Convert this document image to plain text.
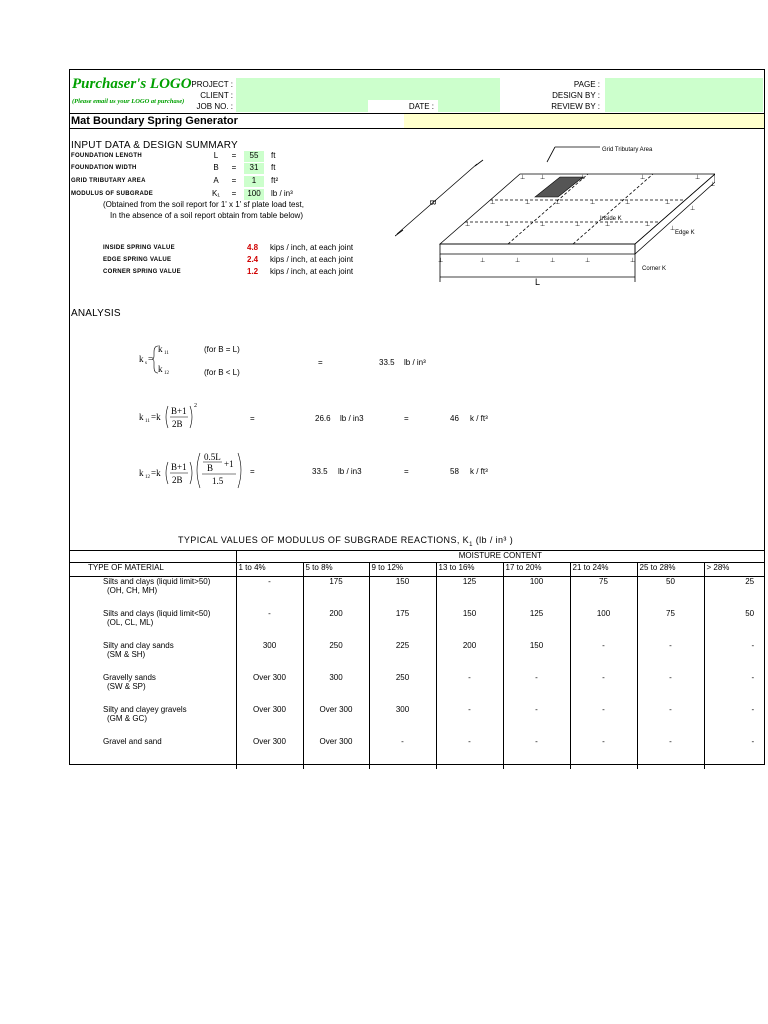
Purchaser's LOGO
(Please email us your LOGO at purchase)
PROJECT :
CLIENT :
JOB NO. :	DATE :
PAGE :
DESIGN BY :
REVIEW BY :
Mat Boundary Spring Generator
INPUT DATA & DESIGN SUMMARY
FOUNDATION LENGTH	L	=	55	ft
FOUNDATION WIDTH	B	=	31	ft
GRID TRIBUTARY AREA	A	=	1	ft²
MODULUS OF SUBGRADE	K₁	=	100 lb / in³
(Obtained from the soil report for 1' x 1' sf plate load test,
In the absence of a soil report obtain from table below)
INSIDE SPRING VALUE	4.8 kips / inch, at each joint
EDGE SPRING VALUE	2.4 kips / inch, at each joint
CORNER SPRING VALUE	1.2 kips / inch, at each joint
⊥ ⊥	⊥	⊥	⊥
⊥	⊥	⊥	⊥	⊥	⊥
⊥	⊥	⊥	⊥	⊥	⊥
⊥	⊥	⊥	⊥	⊥	⊥
⊥
⊥
⊥
Grid Tributary Area
Inside K
Edge K
Corner K
B
L
ANALYSIS
k s =
k 11
k 12
(for B = L)
(for B < L)
=	33.5 lb / in³
k 11 =k
B+1
2B
2
=	26.6 lb / in3	=	46 k / ft³
k 12 =k
B+1
2B
0.5L
B +1
1.5
=	33.5 lb / in3	=	58 k / ft³
TYPICAL VALUES OF MODULUS OF SUBGRADE REACTIONS, $K_1$ (lb / in³ )
	MOISTURE CONTENT							
TYPE OF MATERIAL	1 to 4%	5 to 8%	9 to 12%	13 to 16%	17 to 20%	21 to 24%	25 to 28%	> 28%

Silts and clays (liquid limit>50)
(OH, CH, MH)	-	175	150	125	100	75	50	25

Silts and clays (liquid limit<50)
(OL, CL, ML)	-	200	175	150	125	100	75	50

Silty and clay sands
(SM & SH)	300	250	225	200	150	-	-	-

Gravelly sands
(SW & SP)	Over 300	300	250	-	-	-	-	-

Silty and clayey gravels
(GM & GC)	Over 300	Over 300	300	-	-	-	-	-

Gravel and sand	Over 300	Over 300	-	-	-	-	-	-
